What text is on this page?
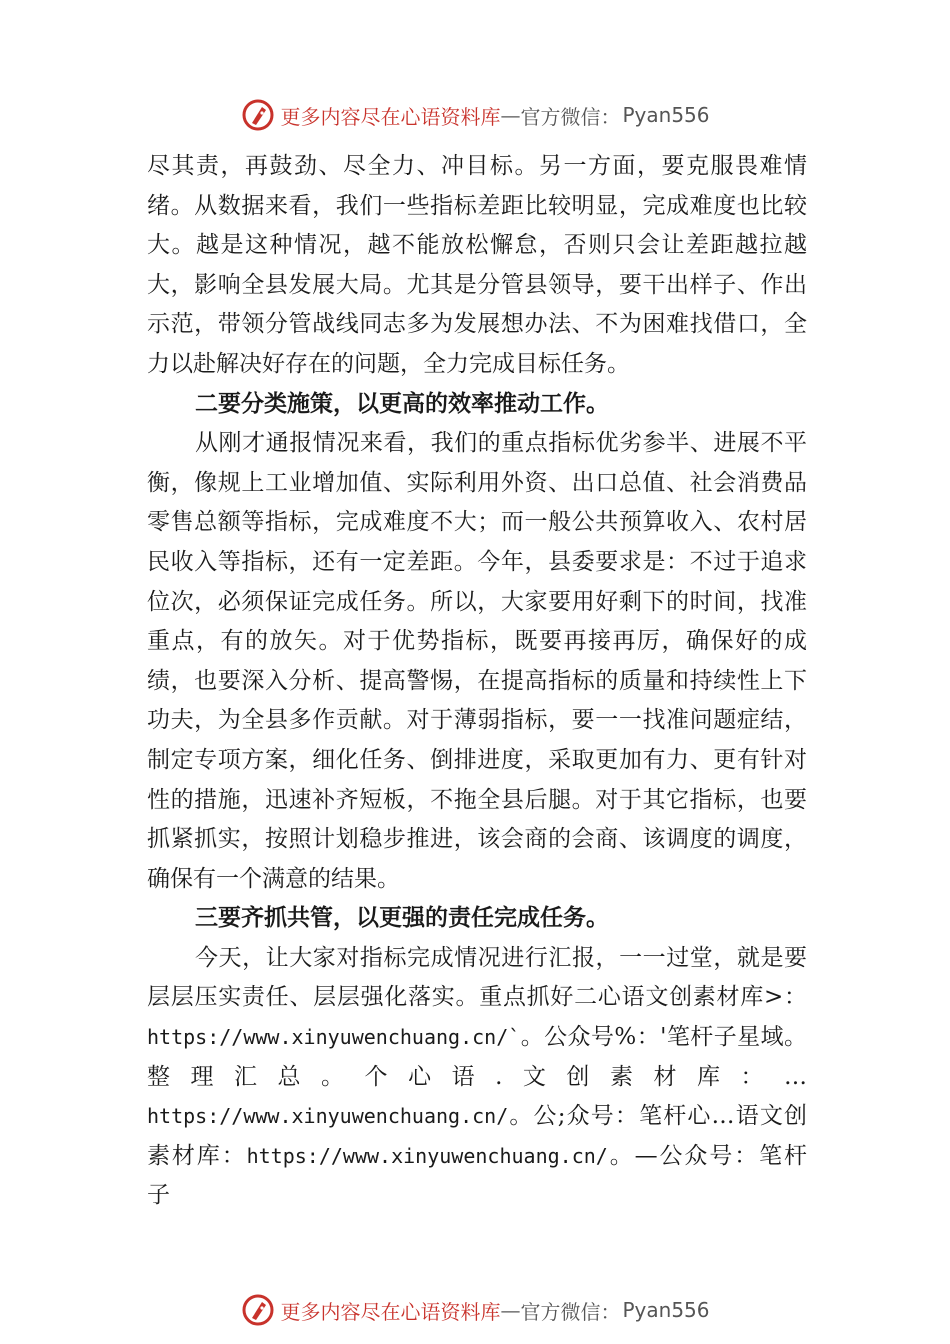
更多内容尽在心语资料库 — 官方微信： Pyan556

尽其责，再鼓劲、尽全力、冲目标。另一方面，要克服畏难情绪。从数据来看，我们一些指标差距比较明显，完成难度也比较大。越是这种情况，越不能放松懈怠，否则只会让差距越拉越大，影响全县发展大局。尤其是分管县领导，要干出样子、作出示范，带领分管战线同志多为发展想办法、不为困难找借口，全力以赴解决好存在的问题，全力完成目标任务。

二要分类施策，以更高的效率推动工作。

从刚才通报情况来看，我们的重点指标优劣参半、进展不平衡，像规上工业增加值、实际利用外资、出口总值、社会消费品零售总额等指标，完成难度不大；而一般公共预算收入、农村居民收入等指标，还有一定差距。今年，县委要求是：不过于追求位次，必须保证完成任务。所以，大家要用好剩下的时间，找准重点，有的放矢。对于优势指标，既要再接再厉，确保好的成绩，也要深入分析、提高警惕，在提高指标的质量和持续性上下功夫，为全县多作贡献。对于薄弱指标，要一一找准问题症结，制定专项方案，细化任务、倒排进度，采取更加有力、更有针对性的措施，迅速补齐短板，不拖全县后腿。对于其它指标，也要抓紧抓实，按照计划稳步推进，该会商的会商、该调度的调度，确保有一个满意的结果。

三要齐抓共管，以更强的责任完成任务。

今天，让大家对指标完成情况进行汇报，一一过堂，就是要层层压实责任、层层强化落实。重点抓好二心语文创素材库>：https://www.xinyuwenchuang.cn/`。公众号%：'笔杆子星域。整理汇总。个心语.文创素材库：…https://www.xinyuwenchuang.cn/。公;众号：笔杆心…语文创素材库：https://www.xinyuwenchuang.cn/。—公众号：笔杆子

更多内容尽在心语资料库 — 官方微信： Pyan556
